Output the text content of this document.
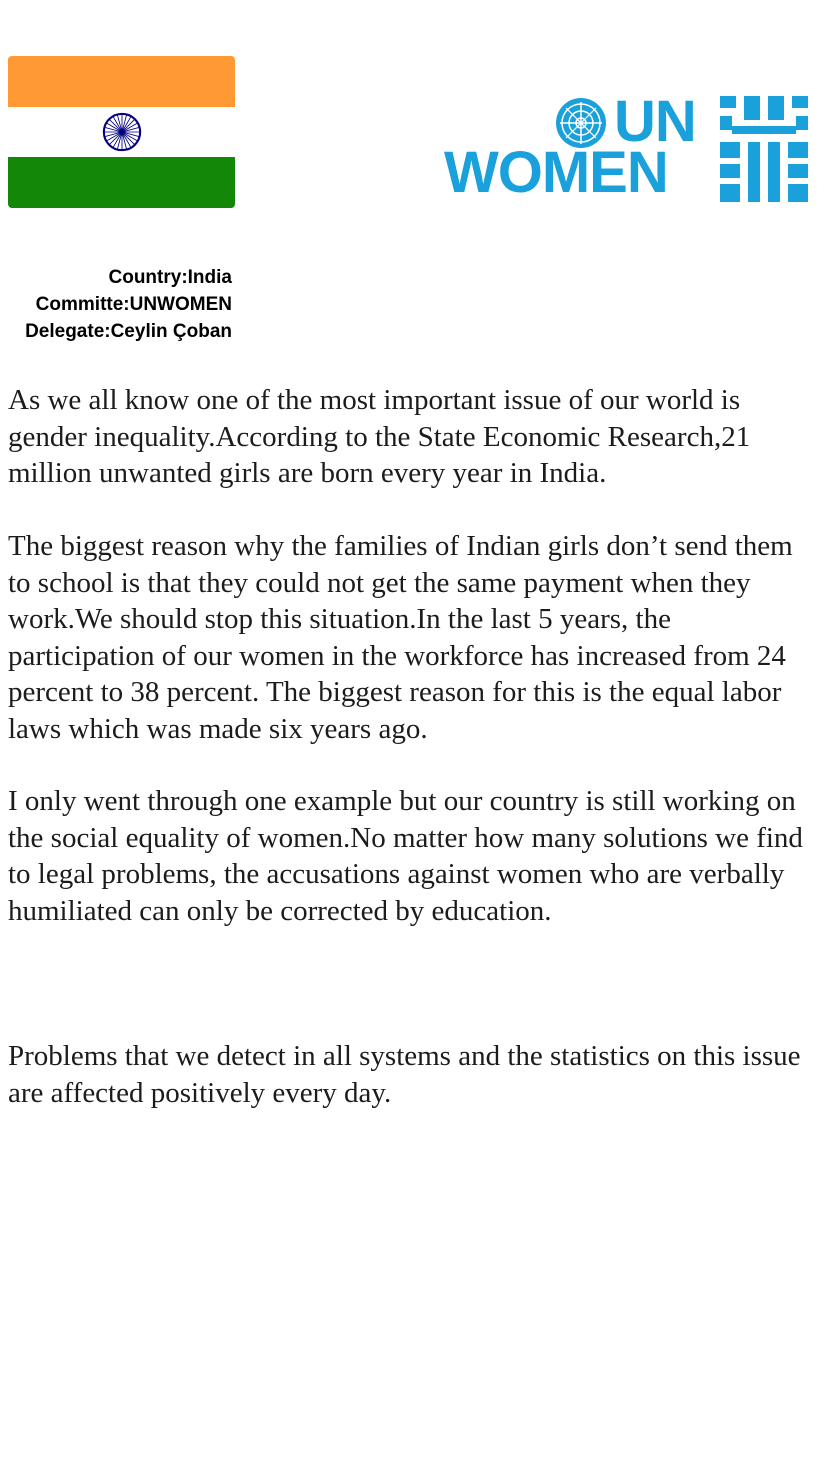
UN
WOMEN
Country:India
Committe:UNWOMEN
Delegate:Ceylin Çoban
As we all know one of the most important issue of our world is gender inequality.According to the State Economic Research,21 million unwanted girls are born every year in India.
The biggest reason why the families of Indian girls don’t send them to school is that they could not get the same payment when they work.We should stop this situation.In the last 5 years, the participation of our women in the workforce has increased from 24 percent to 38 percent. The biggest reason for this is the equal labor laws which was made six years ago.
I only went through one example but our country is still working on the social equality of women.No matter how many solutions we find to legal problems, the accusations against women who are verbally humiliated can only be corrected by education.
Problems that we detect in all systems and the statistics on this issue are affected positively every day.
